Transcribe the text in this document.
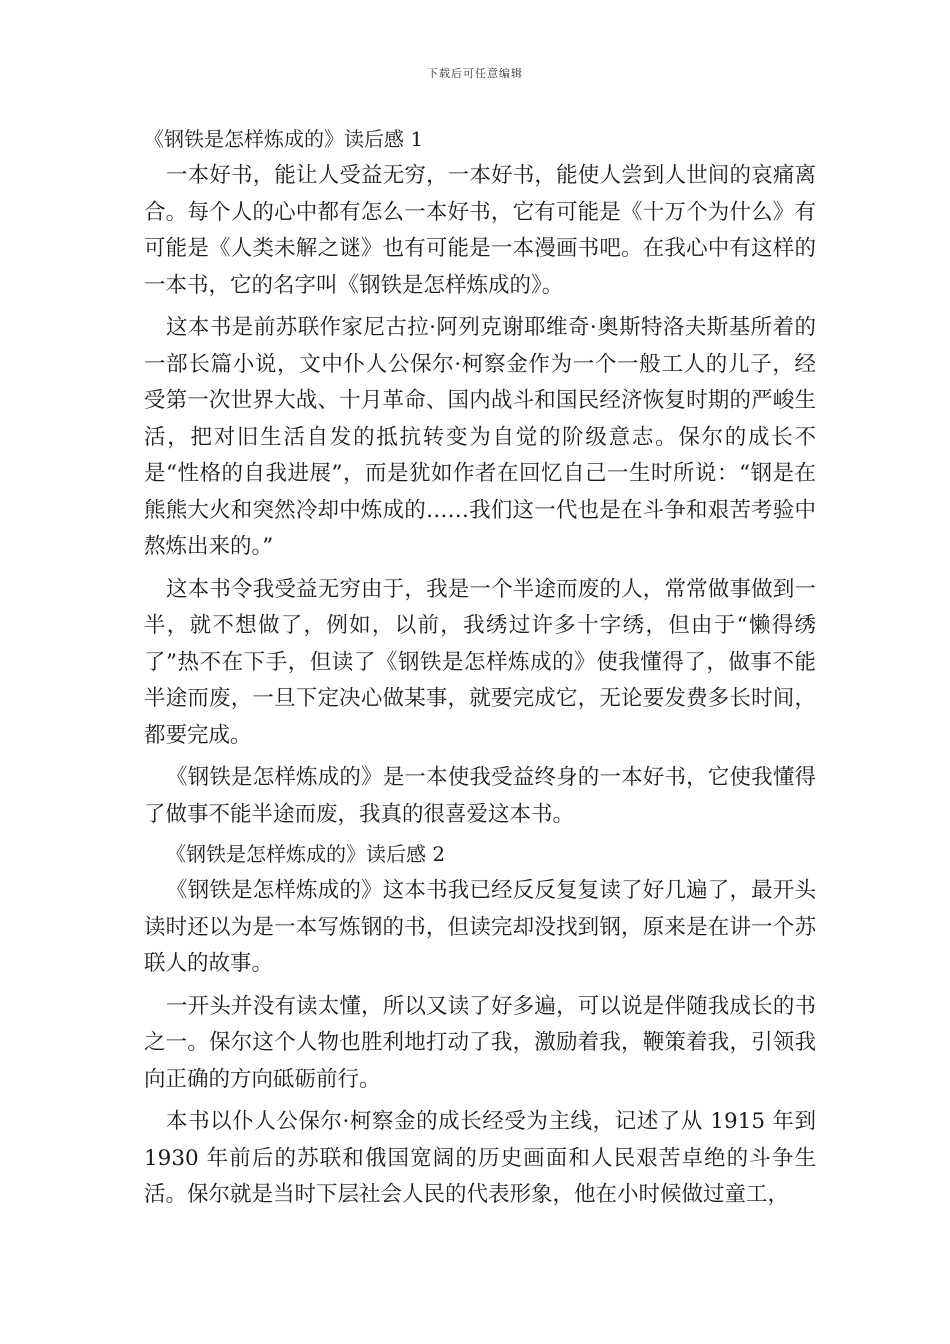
下载后可任意编辑
《钢铁是怎样炼成的》读后感 1

一本好书，能让人受益无穷，一本好书，能使人尝到人世间的哀痛离合。每个人的心中都有怎么一本好书，它有可能是《十万个为什么》有可能是《人类未解之谜》也有可能是一本漫画书吧。在我心中有这样的一本书，它的名字叫《钢铁是怎样炼成的》。

这本书是前苏联作家尼古拉·阿列克谢耶维奇·奥斯特洛夫斯基所着的一部长篇小说，文中仆人公保尔·柯察金作为一个一般工人的儿子，经受第一次世界大战、十月革命、国内战斗和国民经济恢复时期的严峻生活，把对旧生活自发的抵抗转变为自觉的阶级意志。保尔的成长不是“性格的自我进展”，而是犹如作者在回忆自己一生时所说：“钢是在熊熊大火和突然冷却中炼成的……我们这一代也是在斗争和艰苦考验中熬炼出来的。”

这本书令我受益无穷由于，我是一个半途而废的人，常常做事做到一半，就不想做了，例如，以前，我绣过许多十字绣，但由于“懒得绣了”热不在下手，但读了《钢铁是怎样炼成的》使我懂得了，做事不能半途而废，一旦下定决心做某事，就要完成它，无论要发费多长时间，都要完成。

《钢铁是怎样炼成的》是一本使我受益终身的一本好书，它使我懂得了做事不能半途而废，我真的很喜爱这本书。

《钢铁是怎样炼成的》读后感 2

《钢铁是怎样炼成的》这本书我已经反反复复读了好几遍了，最开头读时还以为是一本写炼钢的书，但读完却没找到钢，原来是在讲一个苏联人的故事。

一开头并没有读太懂，所以又读了好多遍，可以说是伴随我成长的书之一。保尔这个人物也胜利地打动了我，激励着我，鞭策着我，引领我向正确的方向砥砺前行。

本书以仆人公保尔·柯察金的成长经受为主线，记述了从 1915 年到 1930 年前后的苏联和俄国宽阔的历史画面和人民艰苦卓绝的斗争生活。保尔就是当时下层社会人民的代表形象，他在小时候做过童工，
